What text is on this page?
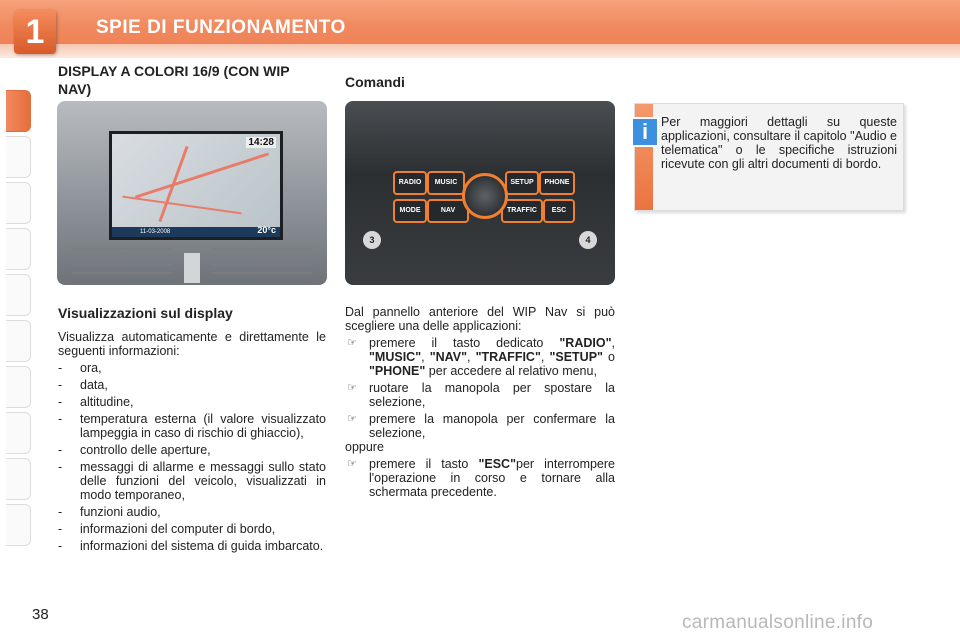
1	SPIE DI FUNZIONAMENTO
DISPLAY A COLORI 16/9 (CON WIP NAV)	Comandi
14:28
11-03-2008	20°c
RADIO	MUSIC	SETUP	PHONE
MODE	NAV	TRAFFIC	ESC
3	4
i	Per maggiori dettagli su queste applicazioni, consultare il capitolo "Audio e telematica" o le specifiche istruzioni ricevute con gli altri documenti di bordo.
Visualizzazioni sul display
Visualizza automaticamente e direttamente le seguenti informazioni:
- ora,
- data,
- altitudine,
- temperatura esterna (il valore visualizzato lampeggia in caso di rischio di ghiaccio),
- controllo delle aperture,
- messaggi di allarme e messaggi sullo stato delle funzioni del veicolo, visualizzati in modo temporaneo,
- funzioni audio,
- informazioni del computer di bordo,
- informazioni del sistema di guida imbarcato.

Dal pannello anteriore del WIP Nav si può scegliere una delle applicazioni:

☞ premere il tasto dedicato "RADIO", "MUSIC", "NAV", "TRAFFIC", "SETUP" o "PHONE" per accedere al relativo menu,
☞ ruotare la manopola per spostare la selezione,
☞ premere la manopola per confermare la selezione,

oppure

☞ premere il tasto "ESC"per interrompere l'operazione in corso e tornare alla schermata precedente.
38	carmanualsonline.info
